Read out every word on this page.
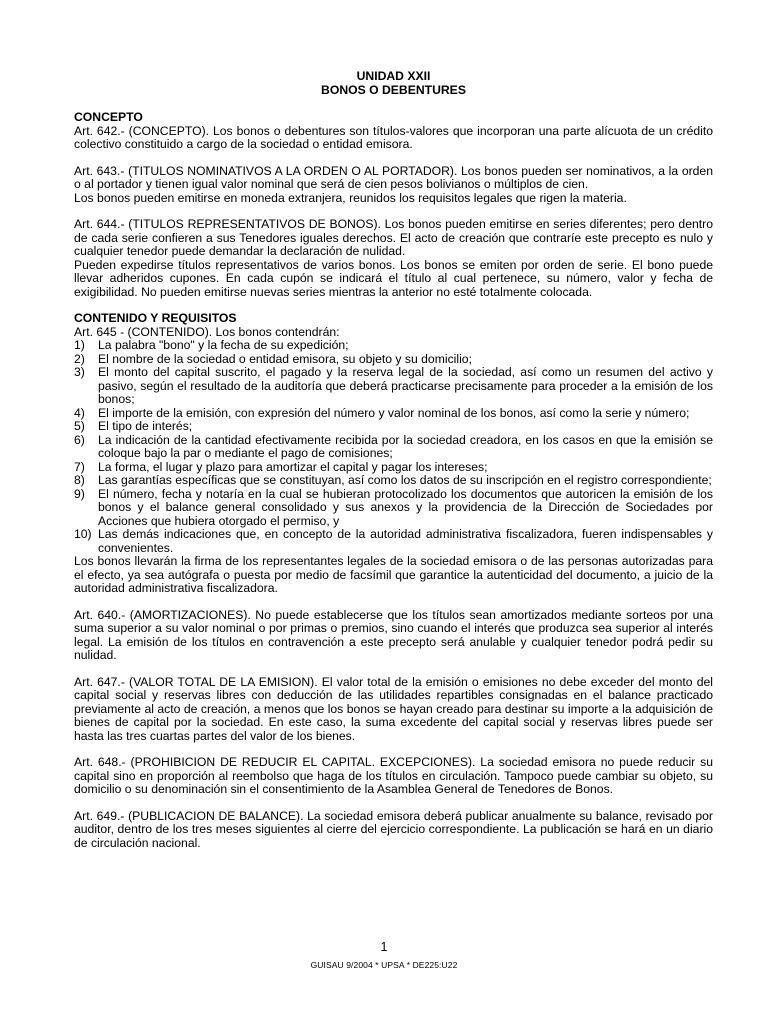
UNIDAD XXII
BONOS O DEBENTURES
CONCEPTO

Art. 642.- (CONCEPTO). Los bonos o debentures son títulos-valores que incorporan una parte alícuota de un crédito colectivo constituido a cargo de la sociedad o entidad emisora.

Art. 643.- (TITULOS NOMINATIVOS A LA ORDEN O AL PORTADOR). Los bonos pueden ser nominativos, a la orden o al portador y tienen igual valor nominal que será de cien pesos bolivianos o múltiplos de cien.

Los bonos pueden emitirse en moneda extranjera, reunidos los requisitos legales que rigen la materia.

Art. 644.- (TITULOS REPRESENTATIVOS DE BONOS). Los bonos pueden emitirse en series diferentes; pero dentro de cada serie confieren a sus Tenedores iguales derechos. El acto de creación que contraríe este precepto es nulo y cualquier tenedor puede demandar la declaración de nulidad.

Pueden expedirse títulos representativos de varios bonos. Los bonos se emiten por orden de serie. El bono puede llevar adheridos cupones. En cada cupón se indicará el título al cual pertenece, su número, valor y fecha de exigibilidad. No pueden emitirse nuevas series mientras la anterior no esté totalmente colocada.

CONTENIDO Y REQUISITOS

Art. 645 - (CONTENIDO). Los bonos contendrán:

1)	La palabra "bono" y la fecha de su expedición;
2)	El nombre de la sociedad o entidad emisora, su objeto y su domicilio;
3)	El monto del capital suscrito, el pagado y la reserva legal de la sociedad, así como un resumen del activo y pasivo, según el resultado de la auditoría que deberá practicarse precisamente para proceder a la emisión de los bonos;
4)	El importe de la emisión, con expresión del número y valor nominal de los bonos, así como la serie y número;
5)	El tipo de interés;
6)	La indicación de la cantidad efectivamente recibida por la sociedad creadora, en los casos en que la emisión se coloque bajo la par o mediante el pago de comisiones;
7)	La forma, el lugar y plazo para amortizar el capital y pagar los intereses;
8)	Las garantías específicas que se constituyan, así como los datos de su inscripción en el registro correspondiente;
9)	El número, fecha y notaría en la cual se hubieran protocolizado los documentos que autoricen la emisión de los bonos y el balance general consolidado y sus anexos y la providencia de la Dirección de Sociedades por Acciones que hubiera otorgado el permiso, y
10) Las demás indicaciones que, en concepto de la autoridad administrativa fiscalizadora, fueren indispensables y convenientes.

Los bonos llevarán la firma de los representantes legales de la sociedad emisora o de las personas autorizadas para el efecto, ya sea autógrafa o puesta por medio de facsímil que garantice la autenticidad del documento, a juicio de la autoridad administrativa fiscalizadora.

Art. 640.- (AMORTIZACIONES). No puede establecerse que los títulos sean amortizados mediante sorteos por una suma superior a su valor nominal o por primas o premios, sino cuando el interés que produzca sea superior al interés legal. La emisión de los títulos en contravención a este precepto será anulable y cualquier tenedor podrá pedir su nulidad.

Art. 647.- (VALOR TOTAL DE LA EMISION). El valor total de la emisión o emisiones no debe exceder del monto del capital social y reservas libres con deducción de las utilidades repartibles consignadas en el balance practicado previamente al acto de creación, a menos que los bonos se hayan creado para destinar su importe a la adquisición de bienes de capital por la sociedad. En este caso, la suma excedente del capital social y reservas libres puede ser hasta las tres cuartas partes del valor de los bienes.

Art. 648.- (PROHIBICION DE REDUCIR EL CAPITAL. EXCEPCIONES). La sociedad emisora no puede reducir su capital sino en proporción al reembolso que haga de los títulos en circulación. Tampoco puede cambiar su objeto, su domicilio o su denominación sin el consentimiento de la Asamblea General de Tenedores de Bonos.

Art. 649.- (PUBLICACION DE BALANCE). La sociedad emisora deberá publicar anualmente su balance, revisado por auditor, dentro de los tres meses siguientes al cierre del ejercicio correspondiente. La publicación se hará en un diario de circulación nacional.

1
GUISAU 9/2004 * UPSA * DE225:U22
